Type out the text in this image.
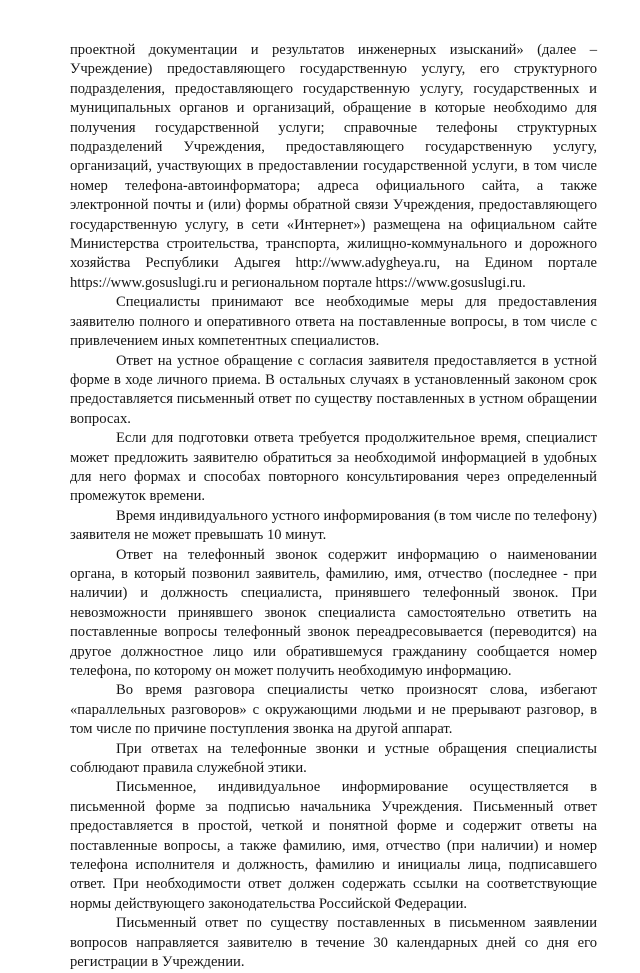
проектной документации и результатов инженерных изысканий» (далее – Учреждение) предоставляющего государственную услугу, его структурного подразделения, предоставляющего государственную услугу, государственных и муниципальных органов и организаций, обращение в которые необходимо для получения государственной услуги; справочные телефоны структурных подразделений Учреждения, предоставляющего государственную услугу, организаций, участвующих в предоставлении государственной услуги, в том числе номер телефона-автоинформатора; адреса официального сайта, а также электронной почты и (или) формы обратной связи Учреждения, предоставляющего государственную услугу, в сети «Интернет») размещена на официальном сайте Министерства строительства, транспорта, жилищно-коммунального и дорожного хозяйства Республики Адыгея http://www.adygheya.ru, на Едином портале https://www.gosuslugi.ru и региональном портале https://www.gosuslugi.ru.

Специалисты принимают все необходимые меры для предоставления заявителю полного и оперативного ответа на поставленные вопросы, в том числе с привлечением иных компетентных специалистов.

Ответ на устное обращение с согласия заявителя предоставляется в устной форме в ходе личного приема. В остальных случаях в установленный законом срок предоставляется письменный ответ по существу поставленных в устном обращении вопросах.

Если для подготовки ответа требуется продолжительное время, специалист может предложить заявителю обратиться за необходимой информацией в удобных для него формах и способах повторного консультирования через определенный промежуток времени.

Время индивидуального устного информирования (в том числе по телефону) заявителя не может превышать 10 минут.

Ответ на телефонный звонок содержит информацию о наименовании органа, в который позвонил заявитель, фамилию, имя, отчество (последнее - при наличии) и должность специалиста, принявшего телефонный звонок. При невозможности принявшего звонок специалиста самостоятельно ответить на поставленные вопросы телефонный звонок переадресовывается (переводится) на другое должностное лицо или обратившемуся гражданину сообщается номер телефона, по которому он может получить необходимую информацию.

Во время разговора специалисты четко произносят слова, избегают «параллельных разговоров» с окружающими людьми и не прерывают разговор, в том числе по причине поступления звонка на другой аппарат.

При ответах на телефонные звонки и устные обращения специалисты соблюдают правила служебной этики.

Письменное, индивидуальное информирование осуществляется в письменной форме за подписью начальника Учреждения. Письменный ответ предоставляется в простой, четкой и понятной форме и содержит ответы на поставленные вопросы, а также фамилию, имя, отчество (при наличии) и номер телефона исполнителя и должность, фамилию и инициалы лица, подписавшего ответ. При необходимости ответ должен содержать ссылки на соответствующие нормы действующего законодательства Российской Федерации.

Письменный ответ по существу поставленных в письменном заявлении вопросов направляется заявителю в течение 30 календарных дней со дня его регистрации в Учреждении.
